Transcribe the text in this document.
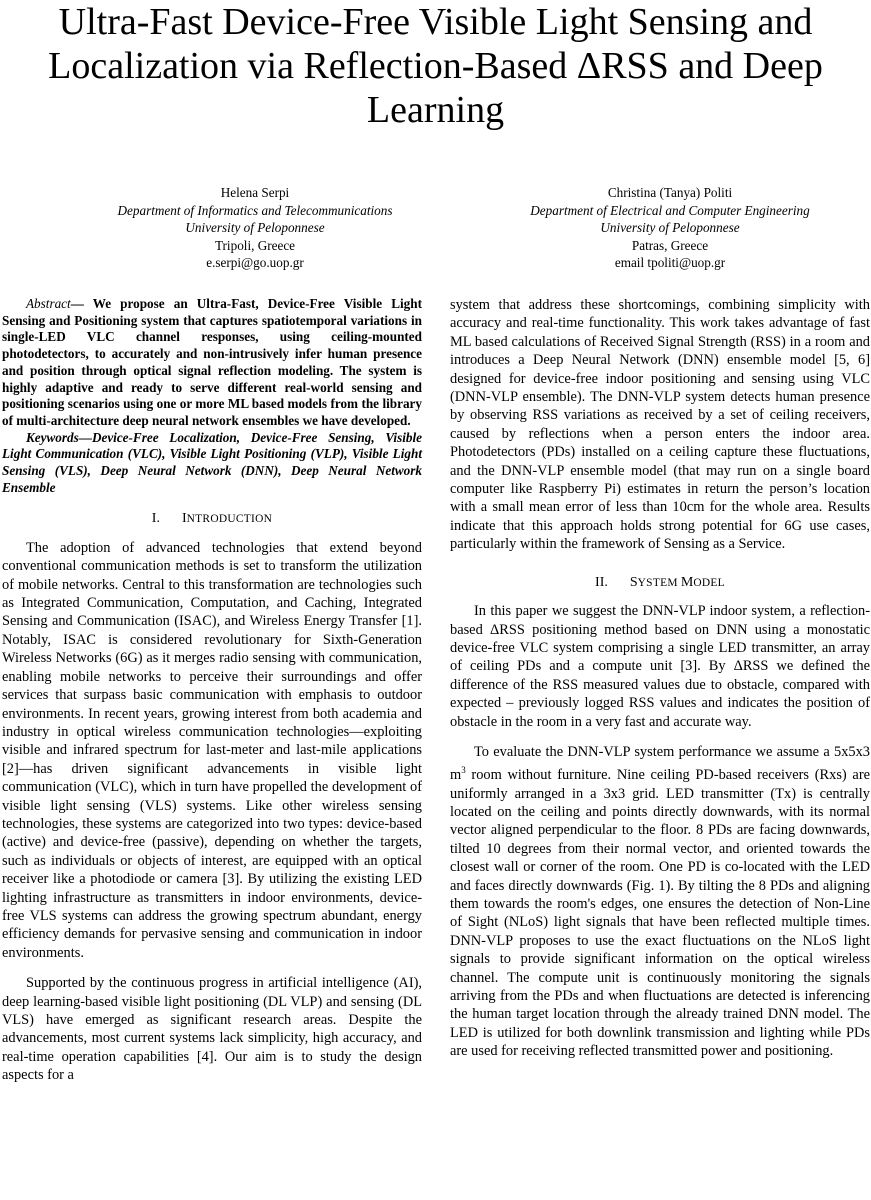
Ultra-Fast Device-Free Visible Light Sensing and Localization via Reflection-Based ΔRSS and Deep Learning
Helena Serpi
Department of Informatics and Telecommunications
University of Peloponnese
Tripoli, Greece
e.serpi@go.uop.gr
Christina (Tanya) Politi
Department of Electrical and Computer Engineering
University of Peloponnese
Patras, Greece
email tpoliti@uop.gr

Abstract— We propose an Ultra-Fast, Device-Free Visible Light Sensing and Positioning system that captures spatiotemporal variations in single-LED VLC channel responses, using ceiling-mounted photodetectors, to accurately and non-intrusively infer human presence and position through optical signal reflection modeling. The system is highly adaptive and ready to serve different real-world sensing and positioning scenarios using one or more ML based models from the library of multi-architecture deep neural network ensembles we have developed.

Keywords—Device-Free Localization, Device-Free Sensing, Visible Light Communication (VLC), Visible Light Positioning (VLP), Visible Light Sensing (VLS), Deep Neural Network (DNN), Deep Neural Network Ensemble

I. INTRODUCTION

The adoption of advanced technologies that extend beyond conventional communication methods is set to transform the utilization of mobile networks. Central to this transformation are technologies such as Integrated Communication, Computation, and Caching, Integrated Sensing and Communication (ISAC), and Wireless Energy Transfer [1]. Notably, ISAC is considered revolutionary for Sixth-Generation Wireless Networks (6G) as it merges radio sensing with communication, enabling mobile networks to perceive their surroundings and offer services that surpass basic communication with emphasis to outdoor environments. In recent years, growing interest from both academia and industry in optical wireless communication technologies—exploiting visible and infrared spectrum for last-meter and last-mile applications [2]—has driven significant advancements in visible light communication (VLC), which in turn have propelled the development of visible light sensing (VLS) systems. Like other wireless sensing technologies, these systems are categorized into two types: device-based (active) and device-free (passive), depending on whether the targets, such as individuals or objects of interest, are equipped with an optical receiver like a photodiode or camera [3]. By utilizing the existing LED lighting infrastructure as transmitters in indoor environments, device-free VLS systems can address the growing spectrum abundant, energy efficiency demands for pervasive sensing and communication in indoor environments.

Supported by the continuous progress in artificial intelligence (AI), deep learning-based visible light positioning (DL VLP) and sensing (DL VLS) have emerged as significant research areas. Despite the advancements, most current systems lack simplicity, high accuracy, and real-time operation capabilities [4]. Our aim is to study the design aspects for a

system that address these shortcomings, combining simplicity with accuracy and real-time functionality. This work takes advantage of fast ML based calculations of Received Signal Strength (RSS) in a room and introduces a Deep Neural Network (DNN) ensemble model [5, 6] designed for device-free indoor positioning and sensing using VLC (DNN-VLP ensemble). The DNN-VLP system detects human presence by observing RSS variations as received by a set of ceiling receivers, caused by reflections when a person enters the indoor area. Photodetectors (PDs) installed on a ceiling capture these fluctuations, and the DNN-VLP ensemble model (that may run on a single board computer like Raspberry Pi) estimates in return the person’s location with a small mean error of less than 10cm for the whole area. Results indicate that this approach holds strong potential for 6G use cases, particularly within the framework of Sensing as a Service.

II. SYSTEM MODEL

In this paper we suggest the DNN-VLP indoor system, a reflection-based ΔRSS positioning method based on DNN using a monostatic device-free VLC system comprising a single LED transmitter, an array of ceiling PDs and a compute unit [3]. By ΔRSS we defined the difference of the RSS measured values due to obstacle, compared with expected – previously logged RSS values and indicates the position of obstacle in the room in a very fast and accurate way.

To evaluate the DNN-VLP system performance we assume a 5x5x3 $m^3$ room without furniture. Nine ceiling PD-based receivers (Rxs) are uniformly arranged in a 3x3 grid. LED transmitter (Tx) is centrally located on the ceiling and points directly downwards, with its normal vector aligned perpendicular to the floor. 8 PDs are facing downwards, tilted 10 degrees from their normal vector, and oriented towards the closest wall or corner of the room. One PD is co-located with the LED and faces directly downwards (Fig. 1). By tilting the 8 PDs and aligning them towards the room's edges, one ensures the detection of Non-Line of Sight (NLoS) light signals that have been reflected multiple times. DNN-VLP proposes to use the exact fluctuations on the NLoS light signals to provide significant information on the optical wireless channel. The compute unit is continuously monitoring the signals arriving from the PDs and when fluctuations are detected is inferencing the human target location through the already trained DNN model. The LED is utilized for both downlink transmission and lighting while PDs are used for receiving reflected transmitted power and positioning.
